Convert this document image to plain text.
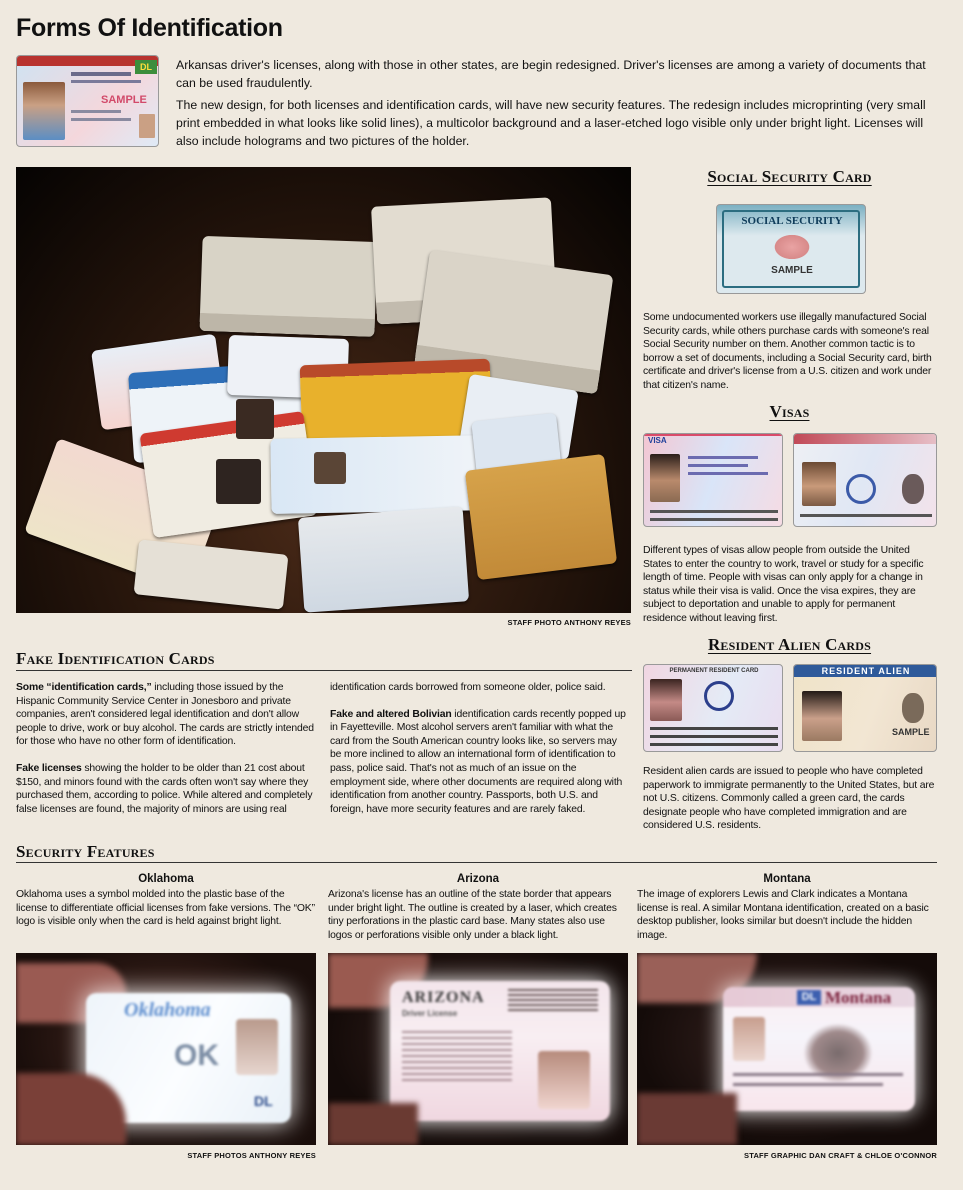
Forms Of Identification
DL
SAMPLE

Arkansas driver's licenses, along with those in other states, are begin redesigned. Driver's licenses are among a variety of documents that can be used fraudulently.

The new design, for both licenses and identification cards, will have new security features. The redesign includes microprinting (very small print embedded in what looks like solid lines), a multicolor background and a laser-etched logo visible only under bright light. Licenses will also include holograms and two pictures of the holder.

STAFF PHOTO ANTHONY REYES
Social Security Card
SOCIAL SECURITY
SAMPLE
Some undocumented workers use illegally manufactured Social Security cards, while others purchase cards with someone's real Social Security number on them. Another common tactic is to borrow a set of documents, including a Social Security card, birth certificate and driver's license from a U.S. citizen and work under that citizen's name.
Visas
VISA
Different types of visas allow people from outside the United States to enter the country to work, travel or study for a specific length of time. People with visas can only apply for a change in status while their visa is valid. Once the visa expires, they are subject to deportation and unable to apply for permanent residence without leaving first.
Fake Identification Cards

Some “identification cards,” including those issued by the Hispanic Community Service Center in Jonesboro and private companies, aren't considered legal identification and don't allow people to drive, work or buy alcohol. The cards are strictly intended for those who have no other form of identification.

Fake licenses showing the holder to be older than 21 cost about $150, and minors found with the cards often won't say where they purchased them, according to police. While altered and completely false licenses are found, the majority of minors are using real

identification cards borrowed from someone older, police said.

Fake and altered Bolivian identification cards recently popped up in Fayetteville. Most alcohol servers aren't familiar with what the card from the South American country looks like, so servers may be more inclined to allow an international form of identification to pass, police said. That's not as much of an issue on the employment side, where other documents are required along with identification from another country. Passports, both U.S. and foreign, have more security features and are rarely faked.

Resident Alien Cards
PERMANENT RESIDENT CARD	RESIDENT ALIEN
SAMPLE
Resident alien cards are issued to people who have completed paperwork to immigrate permanently to the United States, but are not U.S. citizens. Commonly called a green card, the cards designate people who have completed immigration and are considered U.S. residents.
Security Features
Oklahoma
Oklahoma uses a symbol molded into the plastic base of the license to differentiate official licenses from fake versions. The “OK” logo is visible only when the card is held against bright light.
Arizona
Arizona's license has an outline of the state border that appears under bright light. The outline is created by a laser, which creates tiny perforations in the plastic card base. Many states also use logos or perforations visible only under a black light.
Montana
The image of explorers Lewis and Clark indicates a Montana license is real. A similar Montana identification, created on a basic desktop publisher, looks similar but doesn't include the hidden image.
Oklahoma
OK
DL
ARIZONA
Driver License
DL Montana
STAFF PHOTOS ANTHONY REYES	STAFF GRAPHIC DAN CRAFT & CHLOE O'CONNOR
